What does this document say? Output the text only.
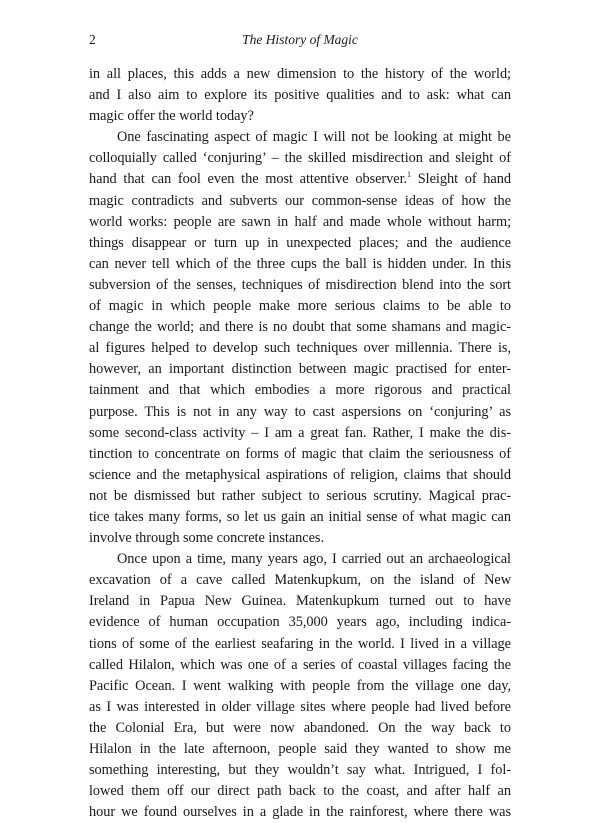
2	The History of Magic
in all places, this adds a new dimension to the history of the world;
and I also aim to explore its positive qualities and to ask: what can
magic offer the world today?
One fascinating aspect of magic I will not be looking at might be
colloquially called ‘conjuring’ – the skilled misdirection and sleight of
hand that can fool even the most attentive observer.$^1$ Sleight of hand
magic contradicts and subverts our common-sense ideas of how the
world works: people are sawn in half and made whole without harm;
things disappear or turn up in unexpected places; and the audience
can never tell which of the three cups the ball is hidden under. In this
subversion of the senses, techniques of misdirection blend into the sort
of magic in which people make more serious claims to be able to
change the world; and there is no doubt that some shamans and magic-
al figures helped to develop such techniques over millennia. There is,
however, an important distinction between magic practised for enter-
tainment and that which embodies a more rigorous and practical
purpose. This is not in any way to cast aspersions on ‘conjuring’ as
some second-class activity – I am a great fan. Rather, I make the dis-
tinction to concentrate on forms of magic that claim the seriousness of
science and the metaphysical aspirations of religion, claims that should
not be dismissed but rather subject to serious scrutiny. Magical prac-
tice takes many forms, so let us gain an initial sense of what magic can
involve through some concrete instances.
Once upon a time, many years ago, I carried out an archaeological
excavation of a cave called Matenkupkum, on the island of New
Ireland in Papua New Guinea. Matenkupkum turned out to have
evidence of human occupation 35,000 years ago, including indica-
tions of some of the earliest seafaring in the world. I lived in a village
called Hilalon, which was one of a series of coastal villages facing the
Pacific Ocean. I went walking with people from the village one day,
as I was interested in older village sites where people had lived before
the Colonial Era, but were now abandoned. On the way back to
Hilalon in the late afternoon, people said they wanted to show me
something interesting, but they wouldn’t say what. Intrigued, I fol-
lowed them off our direct path back to the coast, and after half an
hour we found ourselves in a glade in the rainforest, where there was
